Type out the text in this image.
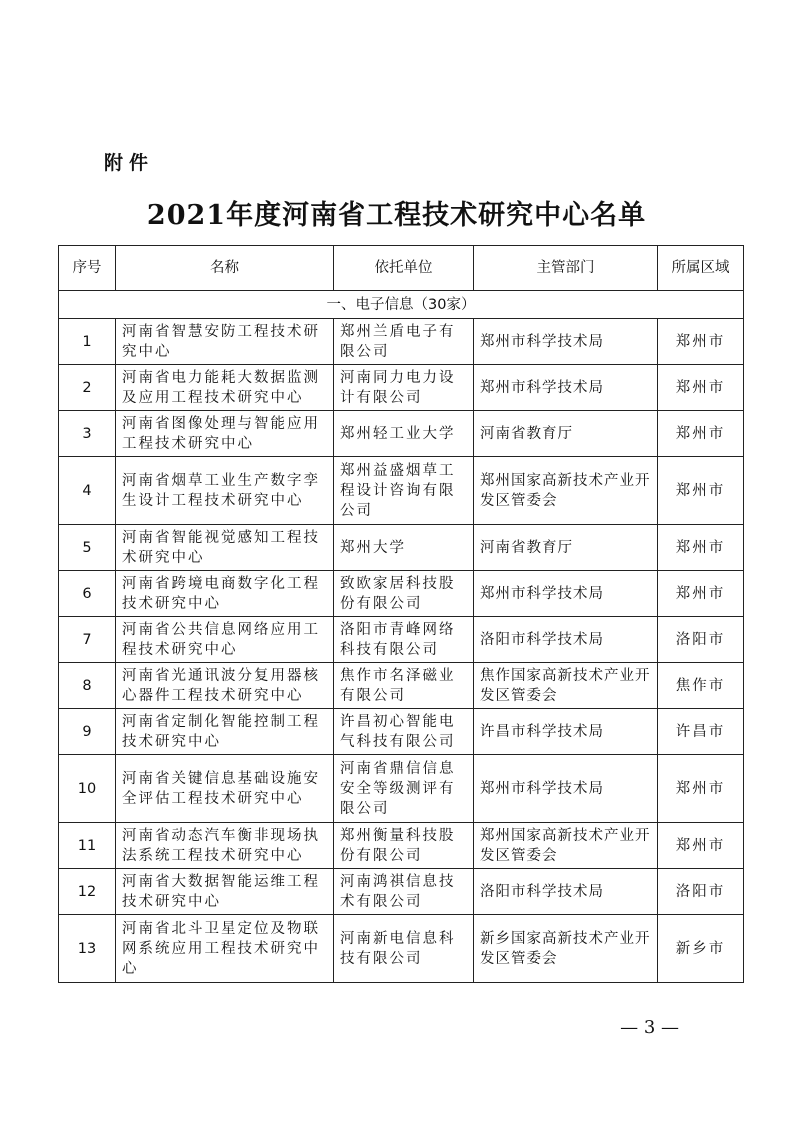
附件
2021年度河南省工程技术研究中心名单
序号	名称	依托单位	主管部门	所属区域
一、电子信息（30家）				
1	河南省智慧安防工程技术研究中心	郑州兰盾电子有限公司	郑州市科学技术局	郑州市
2	河南省电力能耗大数据监测及应用工程技术研究中心	河南同力电力设计有限公司	郑州市科学技术局	郑州市
3	河南省图像处理与智能应用工程技术研究中心	郑州轻工业大学	河南省教育厅	郑州市
4	河南省烟草工业生产数字孪生设计工程技术研究中心	郑州益盛烟草工程设计咨询有限公司	郑州国家高新技术产业开发区管委会	郑州市
5	河南省智能视觉感知工程技术研究中心	郑州大学	河南省教育厅	郑州市
6	河南省跨境电商数字化工程技术研究中心	致欧家居科技股份有限公司	郑州市科学技术局	郑州市
7	河南省公共信息网络应用工程技术研究中心	洛阳市青峰网络科技有限公司	洛阳市科学技术局	洛阳市
8	河南省光通讯波分复用器核心器件工程技术研究中心	焦作市名泽磁业有限公司	焦作国家高新技术产业开发区管委会	焦作市
9	河南省定制化智能控制工程技术研究中心	许昌初心智能电气科技有限公司	许昌市科学技术局	许昌市
10	河南省关键信息基础设施安全评估工程技术研究中心	河南省鼎信信息安全等级测评有限公司	郑州市科学技术局	郑州市
11	河南省动态汽车衡非现场执法系统工程技术研究中心	郑州衡量科技股份有限公司	郑州国家高新技术产业开发区管委会	郑州市
12	河南省大数据智能运维工程技术研究中心	河南鸿祺信息技术有限公司	洛阳市科学技术局	洛阳市
13	河南省北斗卫星定位及物联网系统应用工程技术研究中心	河南新电信息科技有限公司	新乡国家高新技术产业开发区管委会	新乡市
— 3 —
